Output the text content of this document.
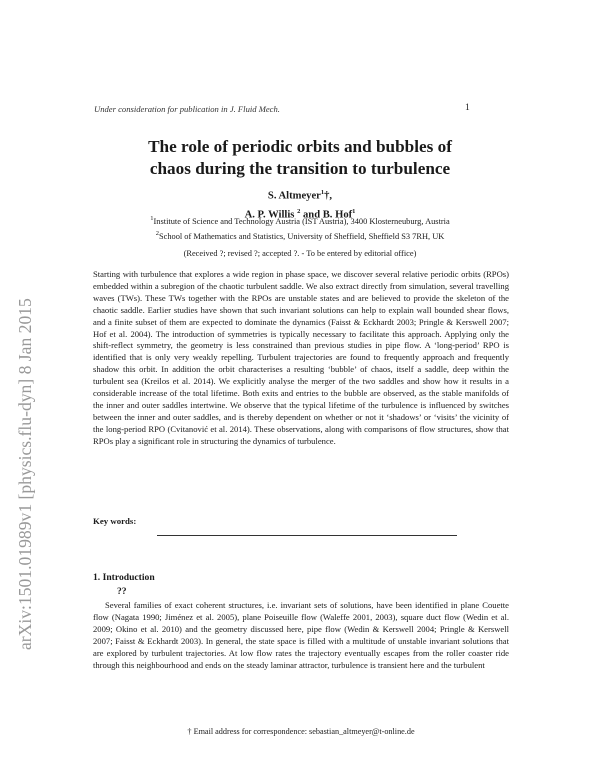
arXiv:1501.01989v1 [physics.flu-dyn] 8 Jan 2015
Under consideration for publication in J. Fluid Mech.	1
The role of periodic orbits and bubbles of
chaos during the transition to turbulence
S. Altmeyer$^1$†,
A. P. Willis $^2$ and B. Hof$^1$
$^1$Institute of Science and Technology Austria (IST Austria), 3400 Klosterneuburg, Austria
$^2$School of Mathematics and Statistics, University of Sheffield, Sheffield S3 7RH, UK
(Received ?; revised ?; accepted ?. - To be entered by editorial office)

Starting with turbulence that explores a wide region in phase space, we discover several relative periodic orbits (RPOs) embedded within a subregion of the chaotic turbulent saddle. We also extract directly from simulation, several travelling waves (TWs). These TWs together with the RPOs are unstable states and are believed to provide the skeleton of the chaotic saddle. Earlier studies have shown that such invariant solutions can help to explain wall bounded shear flows, and a finite subset of them are expected to dominate the dynamics (Faisst & Eckhardt 2003; Pringle & Kerswell 2007; Hof et al. 2004). The introduction of symmetries is typically necessary to facilitate this approach. Applying only the shift-reflect symmetry, the geometry is less constrained than previous studies in pipe flow. A ‘long-period’ RPO is identified that is only very weakly repelling. Turbulent trajectories are found to frequently approach and frequently shadow this orbit. In addition the orbit characterises a resulting ‘bubble’ of chaos, itself a saddle, deep within the turbulent sea (Kreilos et al. 2014). We explicitly analyse the merger of the two saddles and show how it results in a considerable increase of the total lifetime. Both exits and entries to the bubble are observed, as the stable manifolds of the inner and outer saddles intertwine. We observe that the typical lifetime of the turbulence is influenced by switches between the inner and outer saddles, and is thereby dependent on whether or not it ‘shadows’ or ‘visits’ the vicinity of the long-period RPO (Cvitanović et al. 2014). These observations, along with comparisons of flow structures, show that RPOs play a significant role in structuring the dynamics of turbulence.

Key words:
1. Introduction
??

Several families of exact coherent structures, i.e. invariant sets of solutions, have been identified in plane Couette flow (Nagata 1990; Jiménez et al. 2005), plane Poiseuille flow (Waleffe 2001, 2003), square duct flow (Wedin et al. 2009; Okino et al. 2010) and the geometry discussed here, pipe flow (Wedin & Kerswell 2004; Pringle & Kerswell 2007; Faisst & Eckhardt 2003). In general, the state space is filled with a multitude of unstable invariant solutions that are explored by turbulent trajectories. At low flow rates the trajectory eventually escapes from the roller coaster ride through this neighbourhood and ends on the steady laminar attractor, turbulence is transient here and the turbulent

† Email address for correspondence: sebastian_altmeyer@t-online.de
